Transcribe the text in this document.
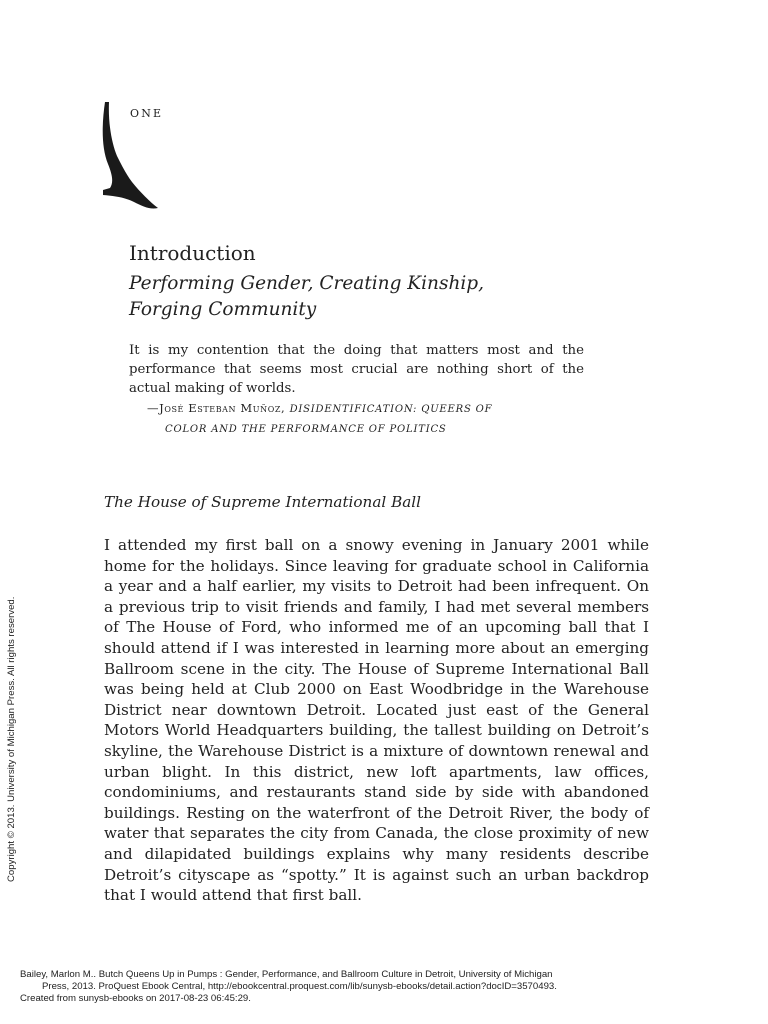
one
Introduction
Performing Gender, Creating Kinship, Forging Community
It is my contention that the doing that matters most and the performance that seems most crucial are nothing short of the actual making of worlds.
—José Esteban Muñoz, DISIDENTIFICATION: QUEERS OF
COLOR AND THE PERFORMANCE OF POLITICS
The House of Supreme International Ball

I attended my first ball on a snowy evening in January 2001 while home for the holidays. Since leaving for graduate school in California a year and a half earlier, my visits to Detroit had been infrequent. On a previous trip to visit friends and family, I had met several members of The House of Ford, who informed me of an upcoming ball that I should attend if I was interested in learning more about an emerging Ballroom scene in the city. The House of Supreme International Ball was being held at Club 2000 on East Woodbridge in the Warehouse District near downtown Detroit. Located just east of the General Motors World Headquarters building, the tallest building on Detroit’s skyline, the Warehouse District is a mixture of downtown renewal and urban blight. In this district, new loft apartments, law offices, condominiums, and restaurants stand side by side with abandoned buildings. Resting on the waterfront of the Detroit River, the body of water that separates the city from Canada, the close proximity of new and dilapidated buildings explains why many residents describe Detroit’s cityscape as “spotty.” It is against such an urban backdrop that I would attend that first ball.

Copyright © 2013. University of Michigan Press. All rights reserved.
Bailey, Marlon M.. Butch Queens Up in Pumps : Gender, Performance, and Ballroom Culture in Detroit, University of Michigan
Press, 2013. ProQuest Ebook Central, http://ebookcentral.proquest.com/lib/sunysb-ebooks/detail.action?docID=3570493.
Created from sunysb-ebooks on 2017-08-23 06:45:29.
